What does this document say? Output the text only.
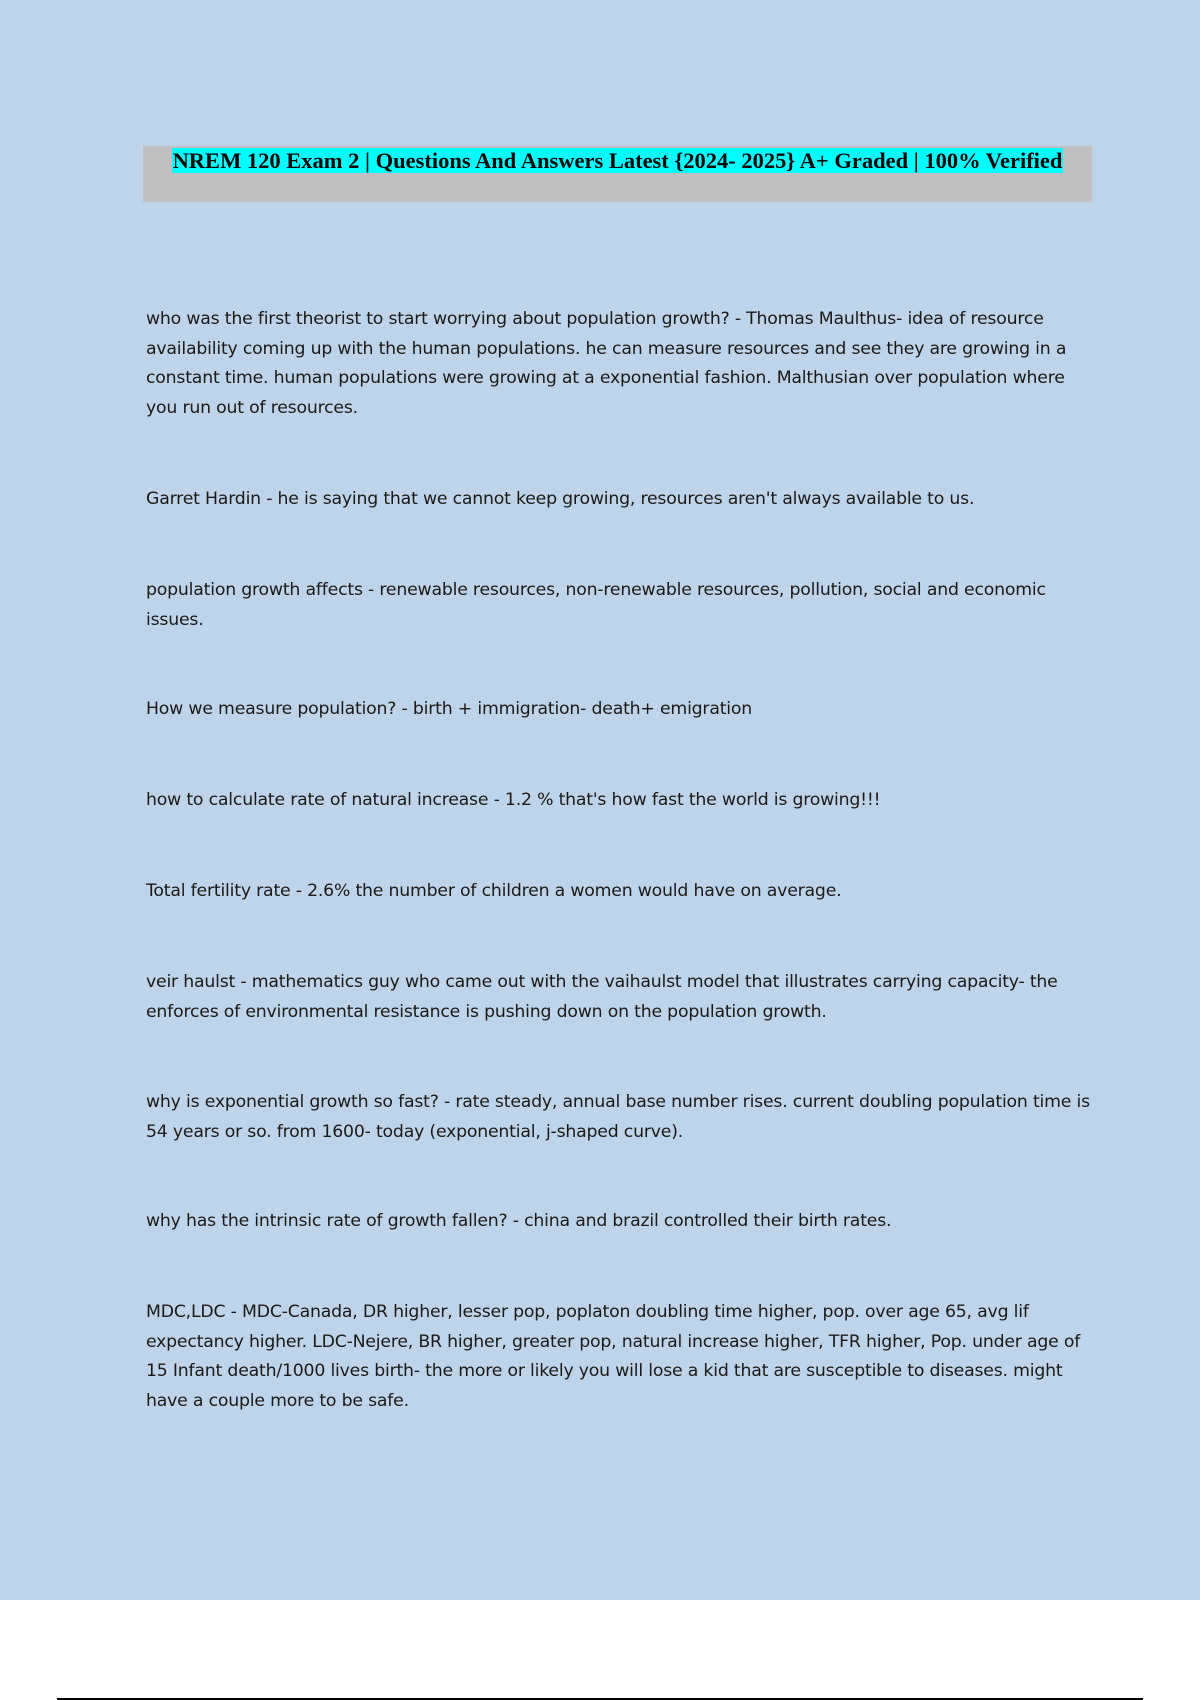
NREM 120 Exam 2 | Questions And Answers Latest {2024- 2025} A+ Graded | 100% Verified

who was the first theorist to start worrying about population growth? - Thomas Maulthus- idea of resource availability coming up with the human populations. he can measure resources and see they are growing in a constant time. human populations were growing at a exponential fashion. Malthusian over population where you run out of resources.

Garret Hardin - he is saying that we cannot keep growing, resources aren't always available to us.

population growth affects - renewable resources, non-renewable resources, pollution, social and economic issues.

How we measure population? - birth + immigration- death+ emigration

how to calculate rate of natural increase - 1.2 % that's how fast the world is growing!!!

Total fertility rate - 2.6% the number of children a women would have on average.

veir haulst - mathematics guy who came out with the vaihaulst model that illustrates carrying capacity- the enforces of environmental resistance is pushing down on the population growth.

why is exponential growth so fast? - rate steady, annual base number rises. current doubling population time is 54 years or so. from 1600- today (exponential, j-shaped curve).

why has the intrinsic rate of growth fallen? - china and brazil controlled their birth rates.

MDC,LDC - MDC-Canada, DR higher, lesser pop, poplaton doubling time higher, pop. over age 65, avg lif expectancy higher. LDC-Nejere, BR higher, greater pop, natural increase higher, TFR higher, Pop. under age of 15 Infant death/1000 lives birth- the more or likely you will lose a kid that are susceptible to diseases. might have a couple more to be safe.
